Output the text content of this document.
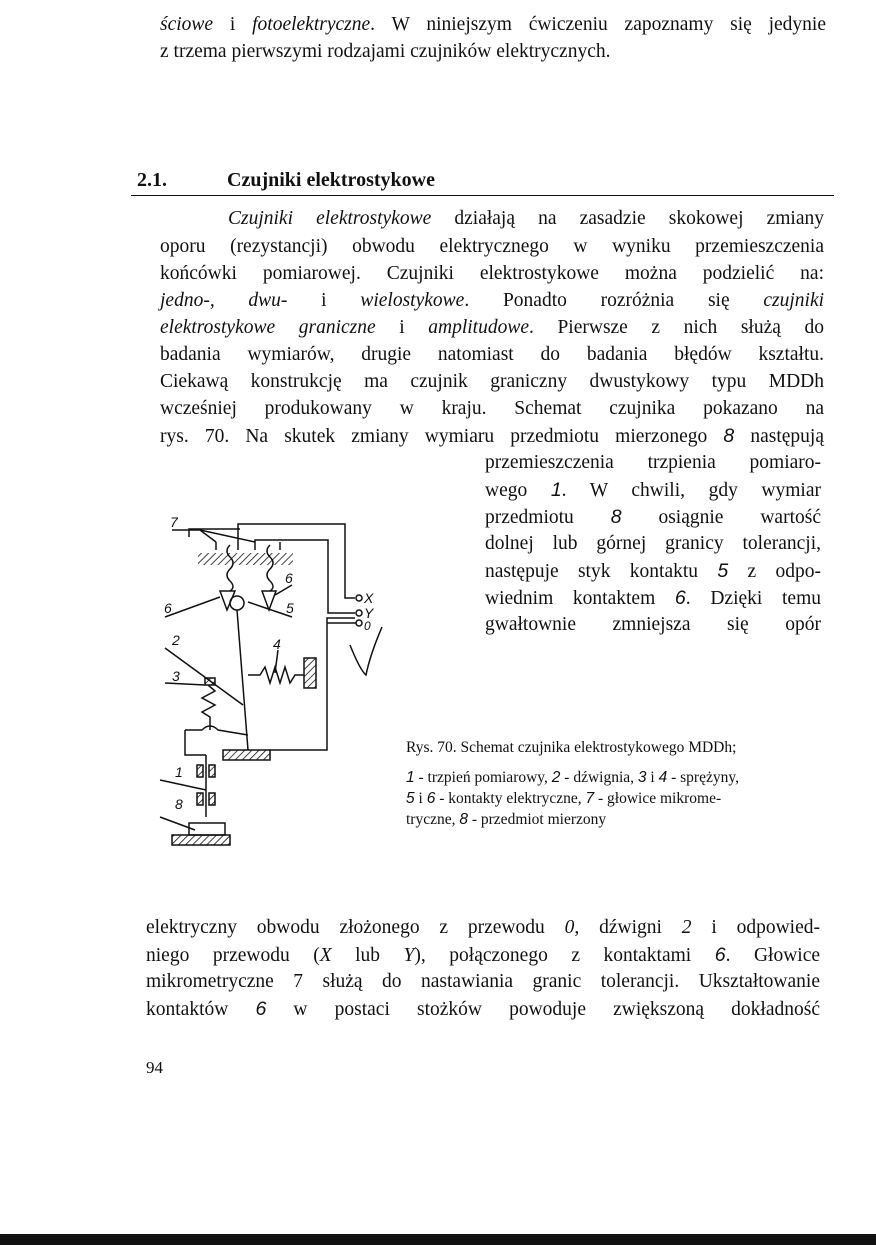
ściowe i fotoelektryczne. W niniejszym ćwiczeniu zapoznamy się jedynie
z trzema pierwszymi rodzajami czujników elektrycznych.
2.1.	Czujniki elektrostykowe
Czujniki elektrostykowe działają na zasadzie skokowej zmiany
oporu (rezystancji) obwodu elektrycznego w wyniku przemieszczenia
końcówki pomiarowej. Czujniki elektrostykowe można podzielić na:
jedno-, dwu- i wielostykowe. Ponadto rozróżnia się czujniki
elektrostykowe graniczne i amplitudowe. Pierwsze z nich służą do
badania wymiarów, drugie natomiast do badania błędów kształtu.
Ciekawą konstrukcję ma czujnik graniczny dwustykowy typu MDDh
wcześniej produkowany w kraju. Schemat czujnika pokazano na
rys. 70. Na skutek zmiany wymiaru przedmiotu mierzonego 8 następują
przemieszczenia trzpienia pomiaro-
wego 1. W chwili, gdy wymiar
przedmiotu 8 osiągnie wartość
dolnej lub górnej granicy tolerancji,
następuje styk kontaktu 5 z odpo-
wiednim kontaktem 6. Dzięki temu
gwałtownie zmniejsza się opór
7
6
6	5
2	4
3
1
8
X
Y
0
Rys. 70. Schemat czujnika elektrostykowego MDDh;
1 - trzpień pomiarowy, 2 - dźwignia, 3 i 4 - sprężyny,
5 i 6 - kontakty elektryczne, 7 - głowice mikrome-
tryczne, 8 - przedmiot mierzony
elektryczny obwodu złożonego z przewodu 0, dźwigni 2 i odpowied-
niego przewodu (X lub Y), połączonego z kontaktami 6. Głowice
mikrometryczne 7 służą do nastawiania granic tolerancji. Ukształtowanie
kontaktów 6 w postaci stożków powoduje zwiększoną dokładność
94
